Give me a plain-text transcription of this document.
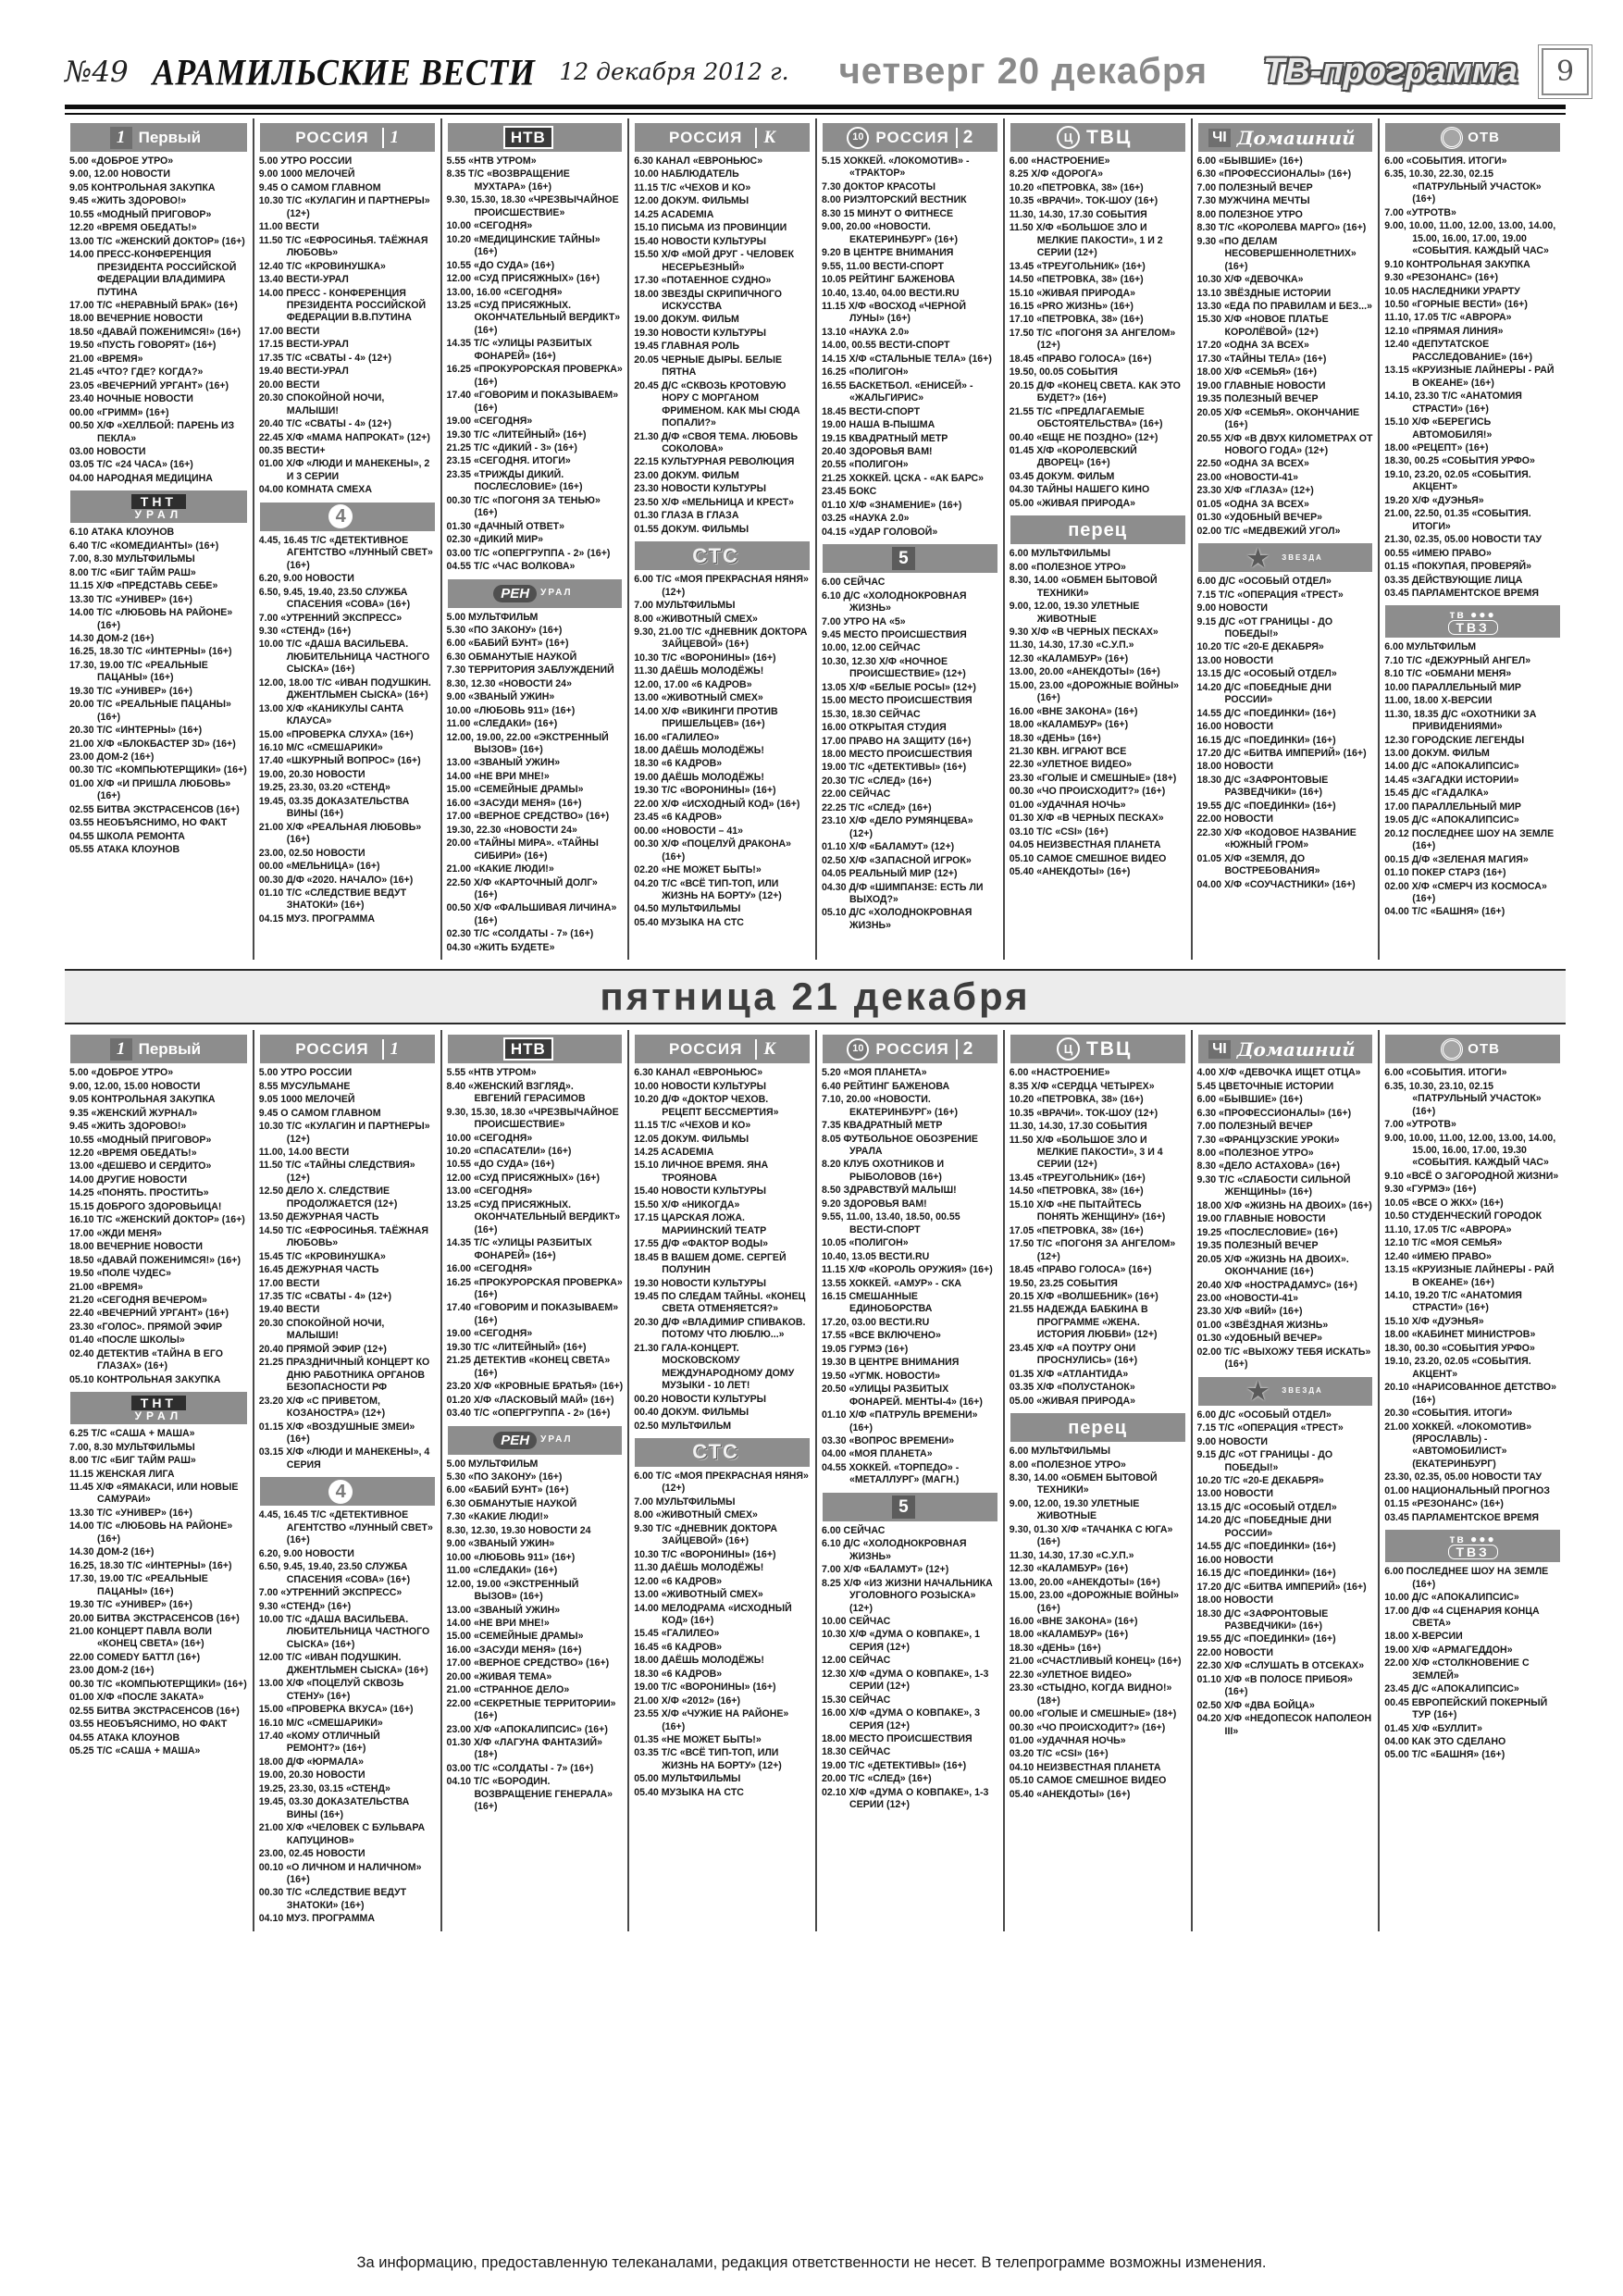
№49 АРАМИЛЬСКИЕ ВЕСТИ 12 декабря 2012 г. четверг 20 декабря ТВ-программа	9
1 Первый
5.00 «ДОБРОЕ УТРО»
9.00, 12.00 НОВОСТИ
9.05 КОНТРОЛЬНАЯ ЗАКУПКА
9.45 «ЖИТЬ ЗДОРОВО!»
10.55 «МОДНЫЙ ПРИГОВОР»
12.20 «ВРЕМЯ ОБЕДАТЬ!»
13.00 Т/С «ЖЕНСКИЙ ДОКТОР» (16+)
14.00 ПРЕСС-КОНФЕРЕНЦИЯ ПРЕЗИДЕНТА РОССИЙСКОЙ ФЕДЕРАЦИИ ВЛАДИМИРА ПУТИНА
17.00 Т/С «НЕРАВНЫЙ БРАК» (16+)
18.00 ВЕЧЕРНИЕ НОВОСТИ
18.50 «ДАВАЙ ПОЖЕНИМСЯ!» (16+)
19.50 «ПУСТЬ ГОВОРЯТ» (16+)
21.00 «ВРЕМЯ»
21.45 «ЧТО? ГДЕ? КОГДА?»
23.05 «ВЕЧЕРНИЙ УРГАНТ» (16+)
23.40 НОЧНЫЕ НОВОСТИ
00.00 «ГРИММ» (16+)
00.50 Х/Ф «ХЕЛЛБОЙ: ПАРЕНЬ ИЗ ПЕКЛА»
03.00 НОВОСТИ
03.05 Т/С «24 ЧАСА» (16+)
04.00 НАРОДНАЯ МЕДИЦИНА
ТНТ
УРАЛ
6.10 АТАКА КЛОУНОВ
6.40 Т/С «КОМЕДИАНТЫ» (16+)
7.00, 8.30 МУЛЬТФИЛЬМЫ
8.00 Т/С «БИГ ТАЙМ РАШ»
11.15 Х/Ф «ПРЕДСТАВЬ СЕБЕ»
13.30 Т/С «УНИВЕР» (16+)
14.00 Т/С «ЛЮБОВЬ НА РАЙОНЕ» (16+)
14.30 ДОМ-2 (16+)
16.25, 18.30 Т/С «ИНТЕРНЫ» (16+)
17.30, 19.00 Т/С «РЕАЛЬНЫЕ ПАЦАНЫ» (16+)
19.30 Т/С «УНИВЕР» (16+)
20.00 Т/С «РЕАЛЬНЫЕ ПАЦАНЫ» (16+)
20.30 Т/С «ИНТЕРНЫ» (16+)
21.00 Х/Ф «БЛОКБАСТЕР 3D» (16+)
23.00 ДОМ-2 (16+)
00.30 Т/С «КОМПЬЮТЕРЩИКИ» (16+)
01.00 Х/Ф «И ПРИШЛА ЛЮБОВЬ» (16+)
02.55 БИТВА ЭКСТРАСЕНСОВ (16+)
03.55 НЕОБЪЯСНИМО, НО ФАКТ
04.55 ШКОЛА РЕМОНТА
05.55 АТАКА КЛОУНОВ
1
РОССИЯ
5.00 УТРО РОССИИ
9.00 1000 МЕЛОЧЕЙ
9.45 О САМОМ ГЛАВНОМ
10.30 Т/С «КУЛАГИН И ПАРТНЕРЫ» (12+)
11.00 ВЕСТИ
11.50 Т/С «ЕФРОСИНЬЯ. ТАЁЖНАЯ ЛЮБОВЬ»
12.40 Т/С «КРОВИНУШКА»
13.40 ВЕСТИ-УРАЛ
14.00 ПРЕСС - КОНФЕРЕНЦИЯ ПРЕЗИДЕНТА РОССИЙСКОЙ ФЕДЕРАЦИИ В.В.ПУТИНА
17.00 ВЕСТИ
17.15 ВЕСТИ-УРАЛ
17.35 Т/С «СВАТЫ - 4» (12+)
19.40 ВЕСТИ-УРАЛ
20.00 ВЕСТИ
20.30 СПОКОЙНОЙ НОЧИ, МАЛЫШИ!
20.40 Т/С «СВАТЫ - 4» (12+)
22.45 Х/Ф «МАМА НАПРОКАТ» (12+)
00.35 ВЕСТИ+
01.00 Х/Ф «ЛЮДИ И МАНЕКЕНЫ», 2 И 3 СЕРИИ
04.00 КОМНАТА СМЕХА
4
4.45, 16.45 Т/С «ДЕТЕКТИВНОЕ АГЕНТСТВО «ЛУННЫЙ СВЕТ» (16+)
6.20, 9.00 НОВОСТИ
6.50, 9.45, 19.40, 23.50 СЛУЖБА СПАСЕНИЯ «СОВА» (16+)
7.00 «УТРЕННИЙ ЭКСПРЕСС»
9.30 «СТЕНД» (16+)
10.00 Т/С «ДАША ВАСИЛЬЕВА. ЛЮБИТЕЛЬНИЦА ЧАСТНОГО СЫСКА» (16+)
12.00, 18.00 Т/С «ИВАН ПОДУШКИН. ДЖЕНТЛЬМЕН СЫСКА» (16+)
13.00 Х/Ф «КАНИКУЛЫ САНТА КЛАУСА»
15.00 «ПРОВЕРКА СЛУХА» (16+)
16.10 М/С «СМЕШАРИКИ»
17.40 «ШКУРНЫЙ ВОПРОС» (16+)
19.00, 20.30 НОВОСТИ
19.25, 23.30, 03.20 «СТЕНД»
19.45, 03.35 ДОКАЗАТЕЛЬСТВА ВИНЫ (16+)
21.00 Х/Ф «РЕАЛЬНАЯ ЛЮБОВЬ» (16+)
23.00, 02.50 НОВОСТИ
00.00 «МЕЛЬНИЦА» (16+)
00.30 Д/Ф «2020. НАЧАЛО» (16+)
01.10 Т/С «СЛЕДСТВИЕ ВЕДУТ ЗНАТОКИ» (16+)
04.15 МУЗ. ПРОГРАММА
НТВ
5.55 «НТВ УТРОМ»
8.35 Т/С «ВОЗВРАЩЕНИЕ МУХТАРА» (16+)
9.30, 15.30, 18.30 «ЧРЕЗВЫЧАЙНОЕ ПРОИСШЕСТВИЕ»
10.00 «СЕГОДНЯ»
10.20 «МЕДИЦИНСКИЕ ТАЙНЫ» (16+)
10.55 «ДО СУДА» (16+)
12.00 «СУД ПРИСЯЖНЫХ» (16+)
13.00, 16.00 «СЕГОДНЯ»
13.25 «СУД ПРИСЯЖНЫХ. ОКОНЧАТЕЛЬНЫЙ ВЕРДИКТ» (16+)
14.35 Т/С «УЛИЦЫ РАЗБИТЫХ ФОНАРЕЙ» (16+)
16.25 «ПРОКУРОРСКАЯ ПРОВЕРКА» (16+)
17.40 «ГОВОРИМ И ПОКАЗЫВАЕМ» (16+)
19.00 «СЕГОДНЯ»
19.30 Т/С «ЛИТЕЙНЫЙ» (16+)
21.25 Т/С «ДИКИЙ - 3» (16+)
23.15 «СЕГОДНЯ. ИТОГИ»
23.35 «ТРИЖДЫ ДИКИЙ. ПОСЛЕСЛОВИЕ» (16+)
00.30 Т/С «ПОГОНЯ ЗА ТЕНЬЮ» (16+)
01.30 «ДАЧНЫЙ ОТВЕТ»
02.30 «ДИКИЙ МИР»
03.00 Т/С «ОПЕРГРУППА - 2» (16+)
04.55 Т/С «ЧАС ВОЛКОВА»
РЕН	УРАЛ
5.00 МУЛЬТФИЛЬМ
5.30 «ПО ЗАКОНУ» (16+)
6.00 «БАБИЙ БУНТ» (16+)
6.30 ОБМАНУТЫЕ НАУКОЙ
7.30 ТЕРРИТОРИЯ ЗАБЛУЖДЕНИЙ
8.30, 12.30 «НОВОСТИ 24»
9.00 «ЗВАНЫЙ УЖИН»
10.00 «ЛЮБОВЬ 911» (16+)
11.00 «СЛЕДАКИ» (16+)
12.00, 19.00, 22.00 «ЭКСТРЕННЫЙ ВЫЗОВ» (16+)
13.00 «ЗВАНЫЙ УЖИН»
14.00 «НЕ ВРИ МНЕ!»
15.00 «СЕМЕЙНЫЕ ДРАМЫ»
16.00 «ЗАСУДИ МЕНЯ» (16+)
17.00 «ВЕРНОЕ СРЕДСТВО» (16+)
19.30, 22.30 «НОВОСТИ 24»
20.00 «ТАЙНЫ МИРА». «ТАЙНЫ СИБИРИ» (16+)
21.00 «КАКИЕ ЛЮДИ!»
22.50 Х/Ф «КАРТОЧНЫЙ ДОЛГ» (16+)
00.50 Х/Ф «ФАЛЬШИВАЯ ЛИЧИНА» (16+)
02.30 Т/С «СОЛДАТЫ - 7» (16+)
04.30 «ЖИТЬ БУДЕТЕ»
К
РОССИЯ
6.30 КАНАЛ «ЕВРОНЬЮС»
10.00 НАБЛЮДАТЕЛЬ
11.15 Т/С «ЧЕХОВ И КО»
12.00 ДОКУМ. ФИЛЬМЫ
14.25 ACADEMIA
15.10 ПИСЬМА ИЗ ПРОВИНЦИИ
15.40 НОВОСТИ КУЛЬТУРЫ
15.50 Х/Ф «МОЙ ДРУГ - ЧЕЛОВЕК НЕСЕРЬЕЗНЫЙ»
17.30 «ПОТАЕННОЕ СУДНО»
18.00 ЗВЕЗДЫ СКРИПИЧНОГО ИСКУССТВА
19.00 ДОКУМ. ФИЛЬМ
19.30 НОВОСТИ КУЛЬТУРЫ
19.45 ГЛАВНАЯ РОЛЬ
20.05 ЧЕРНЫЕ ДЫРЫ. БЕЛЫЕ ПЯТНА
20.45 Д/С «СКВОЗЬ КРОТОВУЮ НОРУ С МОРГАНОМ ФРИМЕНОМ. КАК МЫ СЮДА ПОПАЛИ?»
21.30 Д/Ф «СВОЯ ТЕМА. ЛЮБОВЬ СОКОЛОВА»
22.15 КУЛЬТУРНАЯ РЕВОЛЮЦИЯ
23.00 ДОКУМ. ФИЛЬМ
23.30 НОВОСТИ КУЛЬТУРЫ
23.50 Х/Ф «МЕЛЬНИЦА И КРЕСТ»
01.30 ГЛАЗА В ГЛАЗА
01.55 ДОКУМ. ФИЛЬМЫ
СТС
6.00 Т/С «МОЯ ПРЕКРАСНАЯ НЯНЯ» (12+)
7.00 МУЛЬТФИЛЬМЫ
8.00 «ЖИВОТНЫЙ СМЕХ»
9.30, 21.00 Т/С «ДНЕВНИК ДОКТОРА ЗАЙЦЕВОЙ» (16+)
10.30 Т/С «ВОРОНИНЫ» (16+)
11.30 ДАЁШЬ МОЛОДЁЖЬ!
12.00, 17.00 «6 КАДРОВ»
13.00 «ЖИВОТНЫЙ СМЕХ»
14.00 Х/Ф «ВИКИНГИ ПРОТИВ ПРИШЕЛЬЦЕВ» (16+)
16.00 «ГАЛИЛЕО»
18.00 ДАЁШЬ МОЛОДЁЖЬ!
18.30 «6 КАДРОВ»
19.00 ДАЁШЬ МОЛОДЁЖЬ!
19.30 Т/С «ВОРОНИНЫ» (16+)
22.00 Х/Ф «ИСХОДНЫЙ КОД» (16+)
23.45 «6 КАДРОВ»
00.00 «НОВОСТИ – 41»
00.30 Х/Ф «ПОЦЕЛУЙ ДРАКОНА» (16+)
02.20 «НЕ МОЖЕТ БЫТЬ!»
04.20 Т/С «ВСЁ ТИП-ТОП, ИЛИ ЖИЗНЬ НА БОРТУ» (12+)
04.50 МУЛЬТФИЛЬМЫ
05.40 МУЗЫКА НА СТС
10 РОССИЯ 2
5.15 ХОККЕЙ. «ЛОКОМОТИВ» - «ТРАКТОР»
7.30 ДОКТОР КРАСОТЫ
8.00 РИЭЛТОРСКИЙ ВЕСТНИК
8.30 15 МИНУТ О ФИТНЕСЕ
9.00, 20.00 «НОВОСТИ. ЕКАТЕРИНБУРГ» (16+)
9.20 В ЦЕНТРЕ ВНИМАНИЯ
9.55, 11.00 ВЕСТИ-СПОРТ
10.05 РЕЙТИНГ БАЖЕНОВА
10.40, 13.40, 04.00 ВЕСТИ.RU
11.15 Х/Ф «ВОСХОД «ЧЕРНОЙ ЛУНЫ» (16+)
13.10 «НАУКА 2.0»
14.00, 00.55 ВЕСТИ-СПОРТ
14.15 Х/Ф «СТАЛЬНЫЕ ТЕЛА» (16+)
16.25 «ПОЛИГОН»
16.55 БАСКЕТБОЛ. «ЕНИСЕЙ» - «ЖАЛЬГИРИС»
18.45 ВЕСТИ-СПОРТ
19.00 НАША В-ПЫШМА
19.15 КВАДРАТНЫЙ МЕТР
20.40 ЗДОРОВЬЯ ВАМ!
20.55 «ПОЛИГОН»
21.25 ХОККЕЙ. ЦСКА - «АК БАРС»
23.45 БОКС
01.10 Х/Ф «ЗНАМЕНИЕ» (16+)
03.25 «НАУКА 2.0»
04.15 «УДАР ГОЛОВОЙ»
5
6.00 СЕЙЧАС
6.10 Д/С «ХОЛОДНОКРОВНАЯ ЖИЗНЬ»
7.00 УТРО НА «5»
9.45 МЕСТО ПРОИСШЕСТВИЯ
10.00, 12.00 СЕЙЧАС
10.30, 12.30 Х/Ф «НОЧНОЕ ПРОИСШЕСТВИЕ» (12+)
13.05 Х/Ф «БЕЛЫЕ РОСЫ» (12+)
15.00 МЕСТО ПРОИСШЕСТВИЯ
15.30, 18.30 СЕЙЧАС
16.00 ОТКРЫТАЯ СТУДИЯ
17.00 ПРАВО НА ЗАЩИТУ (16+)
18.00 МЕСТО ПРОИСШЕСТВИЯ
19.00 Т/С «ДЕТЕКТИВЫ» (16+)
20.30 Т/С «СЛЕД» (16+)
22.00 СЕЙЧАС
22.25 Т/С «СЛЕД» (16+)
23.10 Х/Ф «ДЕЛО РУМЯНЦЕВА» (12+)
01.10 Х/Ф «БАЛАМУТ» (12+)
02.50 Х/Ф «ЗАПАСНОЙ ИГРОК»
04.05 РЕАЛЬНЫЙ МИР (12+)
04.30 Д/Ф «ШИМПАНЗЕ: ЕСТЬ ЛИ ВЫХОД?»
05.10 Д/С «ХОЛОДНОКРОВНАЯ ЖИЗНЬ»
Ц ТВЦ
6.00 «НАСТРОЕНИЕ»
8.25 Х/Ф «ДОРОГА»
10.20 «ПЕТРОВКА, 38» (16+)
10.35 «ВРАЧИ». ТОК-ШОУ (16+)
11.30, 14.30, 17.30 СОБЫТИЯ
11.50 Х/Ф «БОЛЬШОЕ ЗЛО И МЕЛКИЕ ПАКОСТИ», 1 И 2 СЕРИИ (12+)
13.45 «ТРЕУГОЛЬНИК» (16+)
14.50 «ПЕТРОВКА, 38» (16+)
15.10 «ЖИВАЯ ПРИРОДА»
16.15 «PRO ЖИЗНЬ» (16+)
17.10 «ПЕТРОВКА, 38» (16+)
17.50 Т/С «ПОГОНЯ ЗА АНГЕЛОМ» (12+)
18.45 «ПРАВО ГОЛОСА» (16+)
19.50, 00.05 СОБЫТИЯ
20.15 Д/Ф «КОНЕЦ СВЕТА. КАК ЭТО БУДЕТ?» (16+)
21.55 Т/С «ПРЕДЛАГАЕМЫЕ ОБСТОЯТЕЛЬСТВА» (16+)
00.40 «ЕЩЕ НЕ ПОЗДНО» (12+)
01.45 Х/Ф «КОРОЛЕВСКИЙ ДВОРЕЦ» (16+)
03.45 ДОКУМ. ФИЛЬМ
04.30 ТАЙНЫ НАШЕГО КИНО
05.00 «ЖИВАЯ ПРИРОДА»
перец
6.00 МУЛЬТФИЛЬМЫ
8.00 «ПОЛЕЗНОЕ УТРО»
8.30, 14.00 «ОБМЕН БЫТОВОЙ ТЕХНИКИ»
9.00, 12.00, 19.30 УЛЕТНЫЕ ЖИВОТНЫЕ
9.30 Х/Ф «В ЧЕРНЫХ ПЕСКАХ»
11.30, 14.30, 17.30 «С.У.П.»
12.30 «КАЛАМБУР» (16+)
13.00, 20.00 «АНЕКДОТЫ» (16+)
15.00, 23.00 «ДОРОЖНЫЕ ВОЙНЫ» (16+)
16.00 «ВНЕ ЗАКОНА» (16+)
18.00 «КАЛАМБУР» (16+)
18.30 «ДЕНЬ» (16+)
21.30 КВН. ИГРАЮТ ВСЕ
22.30 «УЛЕТНОЕ ВИДЕО»
23.30 «ГОЛЫЕ И СМЕШНЫЕ» (18+)
00.30 «ЧО ПРОИСХОДИТ?» (16+)
01.00 «УДАЧНАЯ НОЧЬ»
01.30 Х/Ф «В ЧЕРНЫХ ПЕСКАХ»
03.10 Т/С «CSI» (16+)
04.05 НЕИЗВЕСТНАЯ ПЛАНЕТА
05.10 САМОЕ СМЕШНОЕ ВИДЕО
05.40 «АНЕКДОТЫ» (16+)
ЧI Домашний
6.00 «БЫВШИЕ» (16+)
6.30 «ПРОФЕССИОНАЛЫ» (16+)
7.00 ПОЛЕЗНЫЙ ВЕЧЕР
7.30 МУЖЧИНА МЕЧТЫ
8.00 ПОЛЕЗНОЕ УТРО
8.30 Т/С «КОРОЛЕВА МАРГО» (16+)
9.30 «ПО ДЕЛАМ НЕСОВЕРШЕННОЛЕТНИХ» (16+)
10.30 Х/Ф «ДЕВОЧКА»
13.10 ЗВЁЗДНЫЕ ИСТОРИИ
13.30 «ЕДА ПО ПРАВИЛАМ И БЕЗ...»
15.30 Х/Ф «НОВОЕ ПЛАТЬЕ КОРОЛЁВОЙ» (12+)
17.20 «ОДНА ЗА ВСЕХ»
17.30 «ТАЙНЫ ТЕЛА» (16+)
18.00 Х/Ф «СЕМЬЯ» (16+)
19.00 ГЛАВНЫЕ НОВОСТИ
19.35 ПОЛЕЗНЫЙ ВЕЧЕР
20.05 Х/Ф «СЕМЬЯ». ОКОНЧАНИЕ (16+)
20.55 Х/Ф «В ДВУХ КИЛОМЕТРАХ ОТ НОВОГО ГОДА» (12+)
22.50 «ОДНА ЗА ВСЕХ»
23.00 «НОВОСТИ-41»
23.30 Х/Ф «ГЛАЗА» (12+)
01.05 «ОДНА ЗА ВСЕХ»
01.30 «УДОБНЫЙ ВЕЧЕР»
02.00 Т/С «МЕДВЕЖИЙ УГОЛ»
★ ЗВЕЗДА
6.00 Д/С «ОСОБЫЙ ОТДЕЛ»
7.15 Т/С «ОПЕРАЦИЯ «ТРЕСТ»
9.00 НОВОСТИ
9.15 Д/С «ОТ ГРАНИЦЫ - ДО ПОБЕДЫ!»
10.20 Т/С «20-Е ДЕКАБРЯ»
13.00 НОВОСТИ
13.15 Д/С «ОСОБЫЙ ОТДЕЛ»
14.20 Д/С «ПОБЕДНЫЕ ДНИ РОССИИ»
14.55 Д/С «ПОЕДИНКИ» (16+)
16.00 НОВОСТИ
16.15 Д/С «ПОЕДИНКИ» (16+)
17.20 Д/С «БИТВА ИМПЕРИЙ» (16+)
18.00 НОВОСТИ
18.30 Д/С «ЗАФРОНТОВЫЕ РАЗВЕДЧИКИ» (16+)
19.55 Д/С «ПОЕДИНКИ» (16+)
22.00 НОВОСТИ
22.30 Х/Ф «КОДОВОЕ НАЗВАНИЕ «ЮЖНЫЙ ГРОМ»
01.05 Х/Ф «ЗЕМЛЯ, ДО ВОСТРЕБОВАНИЯ»
04.00 Х/Ф «СОУЧАСТНИКИ» (16+)
ОТВ
6.00 «СОБЫТИЯ. ИТОГИ»
6.35, 10.30, 22.30, 02.15 «ПАТРУЛЬНЫЙ УЧАСТОК» (16+)
7.00 «УТРОТВ»
9.00, 10.00, 11.00, 12.00, 13.00, 14.00, 15.00, 16.00, 17.00, 19.00 «СОБЫТИЯ. КАЖДЫЙ ЧАС»
9.10 КОНТРОЛЬНАЯ ЗАКУПКА
9.30 «РЕЗОНАНС» (16+)
10.05 НАСЛЕДНИКИ УРАРТУ
10.50 «ГОРНЫЕ ВЕСТИ» (16+)
11.10, 17.05 Т/С «АВРОРА»
12.10 «ПРЯМАЯ ЛИНИЯ»
12.40 «ДЕПУТАТСКОЕ РАССЛЕДОВАНИЕ» (16+)
13.15 «КРУИЗНЫЕ ЛАЙНЕРЫ - РАЙ В ОКЕАНЕ» (16+)
14.10, 23.30 Т/С «АНАТОМИЯ СТРАСТИ» (16+)
15.10 Х/Ф «БЕРЕГИСЬ АВТОМОБИЛЯ!»
18.00 «РЕЦЕПТ» (16+)
18.30, 00.25 «СОБЫТИЯ УРФО»
19.10, 23.20, 02.05 «СОБЫТИЯ. АКЦЕНТ»
19.20 Х/Ф «ДУЭНЬЯ»
21.00, 22.50, 01.35 «СОБЫТИЯ. ИТОГИ»
21.30, 02.35, 05.00 НОВОСТИ ТАУ
00.55 «ИМЕЮ ПРАВО»
01.15 «ПОКУПАЯ, ПРОВЕРЯЙ»
03.35 ДЕЙСТВУЮЩИЕ ЛИЦА
03.45 ПАРЛАМЕНТСКОЕ ВРЕМЯ
тв ●●●
ТВЗ
6.00 МУЛЬТФИЛЬМ
7.10 Т/С «ДЕЖУРНЫЙ АНГЕЛ»
8.10 Т/С «ОБМАНИ МЕНЯ»
10.00 ПАРАЛЛЕЛЬНЫЙ МИР
11.00, 18.00 Х-ВЕРСИИ
11.30, 18.35 Д/С «ОХОТНИКИ ЗА ПРИВИДЕНИЯМИ»
12.30 ГОРОДСКИЕ ЛЕГЕНДЫ
13.00 ДОКУМ. ФИЛЬМ
14.00 Д/С «АПОКАЛИПСИС»
14.45 «ЗАГАДКИ ИСТОРИИ»
15.45 Д/С «ГАДАЛКА»
17.00 ПАРАЛЛЕЛЬНЫЙ МИР
19.05 Д/С «АПОКАЛИПСИС»
20.12 ПОСЛЕДНЕЕ ШОУ НА ЗЕМЛЕ (16+)
00.15 Д/Ф «ЗЕЛЕНАЯ МАГИЯ»
01.10 ПОКЕР СТАРЗ (16+)
02.00 Х/Ф «СМЕРЧ ИЗ КОСМОСА» (16+)
04.00 Т/С «БАШНЯ» (16+)
пятница 21 декабря
1 Первый
5.00 «ДОБРОЕ УТРО»
9.00, 12.00, 15.00 НОВОСТИ
9.05 КОНТРОЛЬНАЯ ЗАКУПКА
9.35 «ЖЕНСКИЙ ЖУРНАЛ»
9.45 «ЖИТЬ ЗДОРОВО!»
10.55 «МОДНЫЙ ПРИГОВОР»
12.20 «ВРЕМЯ ОБЕДАТЬ!»
13.00 «ДЕШЕВО И СЕРДИТО»
14.00 ДРУГИЕ НОВОСТИ
14.25 «ПОНЯТЬ. ПРОСТИТЬ»
15.15 ДОБРОГО ЗДОРОВЬИЦА!
16.10 Т/С «ЖЕНСКИЙ ДОКТОР» (16+)
17.00 «ЖДИ МЕНЯ»
18.00 ВЕЧЕРНИЕ НОВОСТИ
18.50 «ДАВАЙ ПОЖЕНИМСЯ!» (16+)
19.50 «ПОЛЕ ЧУДЕС»
21.00 «ВРЕМЯ»
21.20 «СЕГОДНЯ ВЕЧЕРОМ»
22.40 «ВЕЧЕРНИЙ УРГАНТ» (16+)
23.30 «ГОЛОС». ПРЯМОЙ ЭФИР
01.40 «ПОСЛЕ ШКОЛЫ»
02.40 ДЕТЕКТИВ «ТАЙНА В ЕГО ГЛАЗАХ» (16+)
05.10 КОНТРОЛЬНАЯ ЗАКУПКА
ТНТ
УРАЛ
6.25 Т/С «САША + МАША»
7.00, 8.30 МУЛЬТФИЛЬМЫ
8.00 Т/С «БИГ ТАЙМ РАШ»
11.15 ЖЕНСКАЯ ЛИГА
11.45 Х/Ф «ЯМАКАСИ, ИЛИ НОВЫЕ САМУРАИ»
13.30 Т/С «УНИВЕР» (16+)
14.00 Т/С «ЛЮБОВЬ НА РАЙОНЕ» (16+)
14.30 ДОМ-2 (16+)
16.25, 18.30 Т/С «ИНТЕРНЫ» (16+)
17.30, 19.00 Т/С «РЕАЛЬНЫЕ ПАЦАНЫ» (16+)
19.30 Т/С «УНИВЕР» (16+)
20.00 БИТВА ЭКСТРАСЕНСОВ (16+)
21.00 КОНЦЕРТ ПАВЛА ВОЛИ «КОНЕЦ СВЕТА» (16+)
22.00 COMEDY БАТТЛ (16+)
23.00 ДОМ-2 (16+)
00.30 Т/С «КОМПЬЮТЕРЩИКИ» (16+)
01.00 Х/Ф «ПОСЛЕ ЗАКАТА»
02.55 БИТВА ЭКСТРАСЕНСОВ (16+)
03.55 НЕОБЪЯСНИМО, НО ФАКТ
04.55 АТАКА КЛОУНОВ
05.25 Т/С «САША + МАША»
1
РОССИЯ
5.00 УТРО РОССИИ
8.55 МУСУЛЬМАНЕ
9.05 1000 МЕЛОЧЕЙ
9.45 О САМОМ ГЛАВНОМ
10.30 Т/С «КУЛАГИН И ПАРТНЕРЫ» (12+)
11.00, 14.00 ВЕСТИ
11.50 Т/С «ТАЙНЫ СЛЕДСТВИЯ» (12+)
12.50 ДЕЛО Х. СЛЕДСТВИЕ ПРОДОЛЖАЕТСЯ (12+)
13.50 ДЕЖУРНАЯ ЧАСТЬ
14.50 Т/С «ЕФРОСИНЬЯ. ТАЁЖНАЯ ЛЮБОВЬ»
15.45 Т/С «КРОВИНУШКА»
16.45 ДЕЖУРНАЯ ЧАСТЬ
17.00 ВЕСТИ
17.35 Т/С «СВАТЫ - 4» (12+)
19.40 ВЕСТИ
20.30 СПОКОЙНОЙ НОЧИ, МАЛЫШИ!
20.40 ПРЯМОЙ ЭФИР (12+)
21.25 ПРАЗДНИЧНЫЙ КОНЦЕРТ КО ДНЮ РАБОТНИКА ОРГАНОВ БЕЗОПАСНОСТИ РФ
23.20 Х/Ф «С ПРИВЕТОМ, КОЗАНОСТРА» (12+)
01.15 Х/Ф «ВОЗДУШНЫЕ ЗМЕИ» (16+)
03.15 Х/Ф «ЛЮДИ И МАНЕКЕНЫ», 4 СЕРИЯ
4
4.45, 16.45 Т/С «ДЕТЕКТИВНОЕ АГЕНТСТВО «ЛУННЫЙ СВЕТ» (16+)
6.20, 9.00 НОВОСТИ
6.50, 9.45, 19.40, 23.50 СЛУЖБА СПАСЕНИЯ «СОВА» (16+)
7.00 «УТРЕННИЙ ЭКСПРЕСС»
9.30 «СТЕНД» (16+)
10.00 Т/С «ДАША ВАСИЛЬЕВА. ЛЮБИТЕЛЬНИЦА ЧАСТНОГО СЫСКА» (16+)
12.00 Т/С «ИВАН ПОДУШКИН. ДЖЕНТЛЬМЕН СЫСКА» (16+)
13.00 Х/Ф «ПОЦЕЛУЙ СКВОЗЬ СТЕНУ» (16+)
15.00 «ПРОВЕРКА ВКУСА» (16+)
16.10 М/С «СМЕШАРИКИ»
17.40 «КОМУ ОТЛИЧНЫЙ РЕМОНТ?» (16+)
18.00 Д/Ф «ЮРМАЛА»
19.00, 20.30 НОВОСТИ
19.25, 23.30, 03.15 «СТЕНД»
19.45, 03.30 ДОКАЗАТЕЛЬСТВА ВИНЫ (16+)
21.00 Х/Ф «ЧЕЛОВЕК С БУЛЬВАРА КАПУЦИНОВ»
23.00, 02.45 НОВОСТИ
00.10 «О ЛИЧНОМ И НАЛИЧНОМ» (16+)
00.30 Т/С «СЛЕДСТВИЕ ВЕДУТ ЗНАТОКИ» (16+)
04.10 МУЗ. ПРОГРАММА
НТВ
5.55 «НТВ УТРОМ»
8.40 «ЖЕНСКИЙ ВЗГЛЯД». ЕВГЕНИЙ ГЕРАСИМОВ
9.30, 15.30, 18.30 «ЧРЕЗВЫЧАЙНОЕ ПРОИСШЕСТВИЕ»
10.00 «СЕГОДНЯ»
10.20 «СПАСАТЕЛИ» (16+)
10.55 «ДО СУДА» (16+)
12.00 «СУД ПРИСЯЖНЫХ» (16+)
13.00 «СЕГОДНЯ»
13.25 «СУД ПРИСЯЖНЫХ. ОКОНЧАТЕЛЬНЫЙ ВЕРДИКТ» (16+)
14.35 Т/С «УЛИЦЫ РАЗБИТЫХ ФОНАРЕЙ» (16+)
16.00 «СЕГОДНЯ»
16.25 «ПРОКУРОРСКАЯ ПРОВЕРКА» (16+)
17.40 «ГОВОРИМ И ПОКАЗЫВАЕМ» (16+)
19.00 «СЕГОДНЯ»
19.30 Т/С «ЛИТЕЙНЫЙ» (16+)
21.25 ДЕТЕКТИВ «КОНЕЦ СВЕТА» (16+)
23.20 Х/Ф «КРОВНЫЕ БРАТЬЯ» (16+)
01.20 Х/Ф «ЛАСКОВЫЙ МАЙ» (16+)
03.40 Т/С «ОПЕРГРУППА - 2» (16+)
РЕН	УРАЛ
5.00 МУЛЬТФИЛЬМ
5.30 «ПО ЗАКОНУ» (16+)
6.00 «БАБИЙ БУНТ» (16+)
6.30 ОБМАНУТЫЕ НАУКОЙ
7.30 «КАКИЕ ЛЮДИ!»
8.30, 12.30, 19.30 НОВОСТИ 24
9.00 «ЗВАНЫЙ УЖИН»
10.00 «ЛЮБОВЬ 911» (16+)
11.00 «СЛЕДАКИ» (16+)
12.00, 19.00 «ЭКСТРЕННЫЙ ВЫЗОВ» (16+)
13.00 «ЗВАНЫЙ УЖИН»
14.00 «НЕ ВРИ МНЕ!»
15.00 «СЕМЕЙНЫЕ ДРАМЫ»
16.00 «ЗАСУДИ МЕНЯ» (16+)
17.00 «ВЕРНОЕ СРЕДСТВО» (16+)
20.00 «ЖИВАЯ ТЕМА»
21.00 «СТРАННОЕ ДЕЛО»
22.00 «СЕКРЕТНЫЕ ТЕРРИТОРИИ» (16+)
23.00 Х/Ф «АПОКАЛИПСИС» (16+)
01.30 Х/Ф «ЛАГУНА ФАНТАЗИЙ» (18+)
03.00 Т/С «СОЛДАТЫ - 7» (16+)
04.10 Т/С «БОРОДИН. ВОЗВРАЩЕНИЕ ГЕНЕРАЛА» (16+)
К
РОССИЯ
6.30 КАНАЛ «ЕВРОНЬЮС»
10.00 НОВОСТИ КУЛЬТУРЫ
10.20 Д/Ф «ДОКТОР ЧЕХОВ. РЕЦЕПТ БЕССМЕРТИЯ»
11.15 Т/С «ЧЕХОВ И КО»
12.05 ДОКУМ. ФИЛЬМЫ
14.25 ACADEMIA
15.10 ЛИЧНОЕ ВРЕМЯ. ЯНА ТРОЯНОВА
15.40 НОВОСТИ КУЛЬТУРЫ
15.50 Х/Ф «НИКОГДА»
17.15 ЦАРСКАЯ ЛОЖА. МАРИИНСКИЙ ТЕАТР
17.55 Д/Ф «ФАКТОР ВОДЫ»
18.45 В ВАШЕМ ДОМЕ. СЕРГЕЙ ПОЛУНИН
19.30 НОВОСТИ КУЛЬТУРЫ
19.45 ПО СЛЕДАМ ТАЙНЫ. «КОНЕЦ СВЕТА ОТМЕНЯЕТСЯ?»
20.30 Д/Ф «ВЛАДИМИР СПИВАКОВ. ПОТОМУ ЧТО ЛЮБЛЮ...»
21.30 ГАЛА-КОНЦЕРТ. МОСКОВСКОМУ МЕЖДУНАРОДНОМУ ДОМУ МУЗЫКИ - 10 ЛЕТ!
00.20 НОВОСТИ КУЛЬТУРЫ
00.40 ДОКУМ. ФИЛЬМЫ
02.50 МУЛЬТФИЛЬМ
СТС
6.00 Т/С «МОЯ ПРЕКРАСНАЯ НЯНЯ» (12+)
7.00 МУЛЬТФИЛЬМЫ
8.00 «ЖИВОТНЫЙ СМЕХ»
9.30 Т/С «ДНЕВНИК ДОКТОРА ЗАЙЦЕВОЙ» (16+)
10.30 Т/С «ВОРОНИНЫ» (16+)
11.30 ДАЁШЬ МОЛОДЁЖЬ!
12.00 «6 КАДРОВ»
13.00 «ЖИВОТНЫЙ СМЕХ»
14.00 МЕЛОДРАМА «ИСХОДНЫЙ КОД» (16+)
15.45 «ГАЛИЛЕО»
16.45 «6 КАДРОВ»
18.00 ДАЁШЬ МОЛОДЁЖЬ!
18.30 «6 КАДРОВ»
19.00 Т/С «ВОРОНИНЫ» (16+)
21.00 Х/Ф «2012» (16+)
23.55 Х/Ф «ЧУЖИЕ НА РАЙОНЕ» (16+)
01.35 «НЕ МОЖЕТ БЫТЬ!»
03.35 Т/С «ВСЁ ТИП-ТОП, ИЛИ ЖИЗНЬ НА БОРТУ» (12+)
05.00 МУЛЬТФИЛЬМЫ
05.40 МУЗЫКА НА СТС
10 РОССИЯ 2
5.20 «МОЯ ПЛАНЕТА»
6.40 РЕЙТИНГ БАЖЕНОВА
7.10, 20.00 «НОВОСТИ. ЕКАТЕРИНБУРГ» (16+)
7.35 КВАДРАТНЫЙ МЕТР
8.05 ФУТБОЛЬНОЕ ОБОЗРЕНИЕ УРАЛА
8.20 КЛУБ ОХОТНИКОВ И РЫБОЛОВОВ (16+)
8.50 ЗДРАВСТВУЙ МАЛЫШ!
9.20 ЗДОРОВЬЯ ВАМ!
9.55, 11.00, 13.40, 18.50, 00.55 ВЕСТИ-СПОРТ
10.05 «ПОЛИГОН»
10.40, 13.05 ВЕСТИ.RU
11.15 Х/Ф «КОРОЛЬ ОРУЖИЯ» (16+)
13.55 ХОККЕЙ. «АМУР» - СКА
16.15 СМЕШАННЫЕ ЕДИНОБОРСТВА
17.20, 03.00 ВЕСТИ.RU
17.55 «ВСЕ ВКЛЮЧЕНО»
19.05 ГУРМЭ (16+)
19.30 В ЦЕНТРЕ ВНИМАНИЯ
19.50 «УГМК. НОВОСТИ»
20.50 «УЛИЦЫ РАЗБИТЫХ ФОНАРЕЙ. МЕНТЫ-4» (16+)
01.10 Х/Ф «ПАТРУЛЬ ВРЕМЕНИ» (16+)
03.30 «ВОПРОС ВРЕМЕНИ»
04.00 «МОЯ ПЛАНЕТА»
04.55 ХОККЕЙ. «ТОРПЕДО» - «МЕТАЛЛУРГ» (МАГН.)
5
6.00 СЕЙЧАС
6.10 Д/С «ХОЛОДНОКРОВНАЯ ЖИЗНЬ»
7.00 Х/Ф «БАЛАМУТ» (12+)
8.25 Х/Ф «ИЗ ЖИЗНИ НАЧАЛЬНИКА УГОЛОВНОГО РОЗЫСКА» (12+)
10.00 СЕЙЧАС
10.30 Х/Ф «ДУМА О КОВПАКЕ», 1 СЕРИЯ (12+)
12.00 СЕЙЧАС
12.30 Х/Ф «ДУМА О КОВПАКЕ», 1-3 СЕРИИ (12+)
15.30 СЕЙЧАС
16.00 Х/Ф «ДУМА О КОВПАКЕ», 3 СЕРИЯ (12+)
18.00 МЕСТО ПРОИСШЕСТВИЯ
18.30 СЕЙЧАС
19.00 Т/С «ДЕТЕКТИВЫ» (16+)
20.00 Т/С «СЛЕД» (16+)
02.10 Х/Ф «ДУМА О КОВПАКЕ», 1-3 СЕРИИ (12+)
Ц ТВЦ
6.00 «НАСТРОЕНИЕ»
8.35 Х/Ф «СЕРДЦА ЧЕТЫРЕХ»
10.20 «ПЕТРОВКА, 38» (16+)
10.35 «ВРАЧИ». ТОК-ШОУ (12+)
11.30, 14.30, 17.30 СОБЫТИЯ
11.50 Х/Ф «БОЛЬШОЕ ЗЛО И МЕЛКИЕ ПАКОСТИ», 3 И 4 СЕРИИ (12+)
13.45 «ТРЕУГОЛЬНИК» (16+)
14.50 «ПЕТРОВКА, 38» (16+)
15.10 Х/Ф «НЕ ПЫТАЙТЕСЬ ПОНЯТЬ ЖЕНЩИНУ» (16+)
17.05 «ПЕТРОВКА, 38» (16+)
17.50 Т/С «ПОГОНЯ ЗА АНГЕЛОМ» (12+)
18.45 «ПРАВО ГОЛОСА» (16+)
19.50, 23.25 СОБЫТИЯ
20.15 Х/Ф «ВОЛШЕБНИК» (16+)
21.55 НАДЕЖДА БАБКИНА В ПРОГРАММЕ «ЖЕНА. ИСТОРИЯ ЛЮБВИ» (12+)
23.45 Х/Ф «А ПОУТРУ ОНИ ПРОСНУЛИСЬ» (16+)
01.35 Х/Ф «АТЛАНТИДА»
03.35 Х/Ф «ПОЛУСТАНОК»
05.00 «ЖИВАЯ ПРИРОДА»
перец
6.00 МУЛЬТФИЛЬМЫ
8.00 «ПОЛЕЗНОЕ УТРО»
8.30, 14.00 «ОБМЕН БЫТОВОЙ ТЕХНИКИ»
9.00, 12.00, 19.30 УЛЕТНЫЕ ЖИВОТНЫЕ
9.30, 01.30 Х/Ф «ТАЧАНКА С ЮГА» (16+)
11.30, 14.30, 17.30 «С.У.П.»
12.30 «КАЛАМБУР» (16+)
13.00, 20.00 «АНЕКДОТЫ» (16+)
15.00, 23.00 «ДОРОЖНЫЕ ВОЙНЫ» (16+)
16.00 «ВНЕ ЗАКОНА» (16+)
18.00 «КАЛАМБУР» (16+)
18.30 «ДЕНЬ» (16+)
21.00 «СЧАСТЛИВЫЙ КОНЕЦ» (16+)
22.30 «УЛЕТНОЕ ВИДЕО»
23.30 «СТЫДНО, КОГДА ВИДНО!» (18+)
00.00 «ГОЛЫЕ И СМЕШНЫЕ» (18+)
00.30 «ЧО ПРОИСХОДИТ?» (16+)
01.00 «УДАЧНАЯ НОЧЬ»
03.20 Т/С «CSI» (16+)
04.10 НЕИЗВЕСТНАЯ ПЛАНЕТА
05.10 САМОЕ СМЕШНОЕ ВИДЕО
05.40 «АНЕКДОТЫ» (16+)
ЧI Домашний
4.00 Х/Ф «ДЕВОЧКА ИЩЕТ ОТЦА»
5.45 ЦВЕТОЧНЫЕ ИСТОРИИ
6.00 «БЫВШИЕ» (16+)
6.30 «ПРОФЕССИОНАЛЫ» (16+)
7.00 ПОЛЕЗНЫЙ ВЕЧЕР
7.30 «ФРАНЦУЗСКИЕ УРОКИ»
8.00 «ПОЛЕЗНОЕ УТРО»
8.30 «ДЕЛО АСТАХОВА» (16+)
9.30 Т/С «СЛАБОСТИ СИЛЬНОЙ ЖЕНЩИНЫ» (16+)
18.00 Х/Ф «ЖИЗНЬ НА ДВОИХ» (16+)
19.00 ГЛАВНЫЕ НОВОСТИ
19.25 «ПОСЛЕСЛОВИЕ» (16+)
19.35 ПОЛЕЗНЫЙ ВЕЧЕР
20.05 Х/Ф «ЖИЗНЬ НА ДВОИХ». ОКОНЧАНИЕ (16+)
20.40 Х/Ф «НОСТРАДАМУС» (16+)
23.00 «НОВОСТИ-41»
23.30 Х/Ф «ВИЙ» (16+)
01.00 «ЗВЁЗДНАЯ ЖИЗНЬ»
01.30 «УДОБНЫЙ ВЕЧЕР»
02.00 Т/С «ВЫХОЖУ ТЕБЯ ИСКАТЬ» (16+)
★ ЗВЕЗДА
6.00 Д/С «ОСОБЫЙ ОТДЕЛ»
7.15 Т/С «ОПЕРАЦИЯ «ТРЕСТ»
9.00 НОВОСТИ
9.15 Д/С «ОТ ГРАНИЦЫ - ДО ПОБЕДЫ!»
10.20 Т/С «20-Е ДЕКАБРЯ»
13.00 НОВОСТИ
13.15 Д/С «ОСОБЫЙ ОТДЕЛ»
14.20 Д/С «ПОБЕДНЫЕ ДНИ РОССИИ»
14.55 Д/С «ПОЕДИНКИ» (16+)
16.00 НОВОСТИ
16.15 Д/С «ПОЕДИНКИ» (16+)
17.20 Д/С «БИТВА ИМПЕРИЙ» (16+)
18.00 НОВОСТИ
18.30 Д/С «ЗАФРОНТОВЫЕ РАЗВЕДЧИКИ» (16+)
19.55 Д/С «ПОЕДИНКИ» (16+)
22.00 НОВОСТИ
22.30 Х/Ф «СЛУШАТЬ В ОТСЕКАХ»
01.10 Х/Ф «В ПОЛОСЕ ПРИБОЯ» (16+)
02.50 Х/Ф «ДВА БОЙЦА»
04.20 Х/Ф «НЕДОПЕСОК НАПОЛЕОН III»
ОТВ
6.00 «СОБЫТИЯ. ИТОГИ»
6.35, 10.30, 23.10, 02.15 «ПАТРУЛЬНЫЙ УЧАСТОК» (16+)
7.00 «УТРОТВ»
9.00, 10.00, 11.00, 12.00, 13.00, 14.00, 15.00, 16.00, 17.00, 19.30 «СОБЫТИЯ. КАЖДЫЙ ЧАС»
9.10 «ВСЁ О ЗАГОРОДНОЙ ЖИЗНИ»
9.30 «ГУРМЭ» (16+)
10.05 «ВСЕ О ЖКХ» (16+)
10.50 СТУДЕНЧЕСКИЙ ГОРОДОК
11.10, 17.05 Т/С «АВРОРА»
12.10 Т/С «МОЯ СЕМЬЯ»
12.40 «ИМЕЮ ПРАВО»
13.15 «КРУИЗНЫЕ ЛАЙНЕРЫ - РАЙ В ОКЕАНЕ» (16+)
14.10, 19.20 Т/С «АНАТОМИЯ СТРАСТИ» (16+)
15.10 Х/Ф «ДУЭНЬЯ»
18.00 «КАБИНЕТ МИНИСТРОВ»
18.30, 00.30 «СОБЫТИЯ УРФО»
19.10, 23.20, 02.05 «СОБЫТИЯ. АКЦЕНТ»
20.10 «НАРИСОВАННОЕ ДЕТСТВО» (16+)
20.30 «СОБЫТИЯ. ИТОГИ»
21.00 ХОККЕЙ. «ЛОКОМОТИВ» (ЯРОСЛАВЛЬ) - «АВТОМОБИЛИСТ» (ЕКАТЕРИНБУРГ)
23.30, 02.35, 05.00 НОВОСТИ ТАУ
01.00 НАЦИОНАЛЬНЫЙ ПРОГНОЗ
01.15 «РЕЗОНАНС» (16+)
03.45 ПАРЛАМЕНТСКОЕ ВРЕМЯ
тв ●●●
ТВЗ
6.00 ПОСЛЕДНЕЕ ШОУ НА ЗЕМЛЕ (16+)
10.00 Д/С «АПОКАЛИПСИС»
17.00 Д/Ф «4 СЦЕНАРИЯ КОНЦА СВЕТА»
18.00 Х-ВЕРСИИ
19.00 Х/Ф «АРМАГЕДДОН»
22.00 Х/Ф «СТОЛКНОВЕНИЕ С ЗЕМЛЕЙ»
23.45 Д/С «АПОКАЛИПСИС»
00.45 ЕВРОПЕЙСКИЙ ПОКЕРНЫЙ ТУР (16+)
01.45 Х/Ф «БУЛЛИТ»
04.00 КАК ЭТО СДЕЛАНО
05.00 Т/С «БАШНЯ» (16+)
За информацию, предоставленную телеканалами, редакция ответственности не несет. В телепрограмме возможны изменения.
